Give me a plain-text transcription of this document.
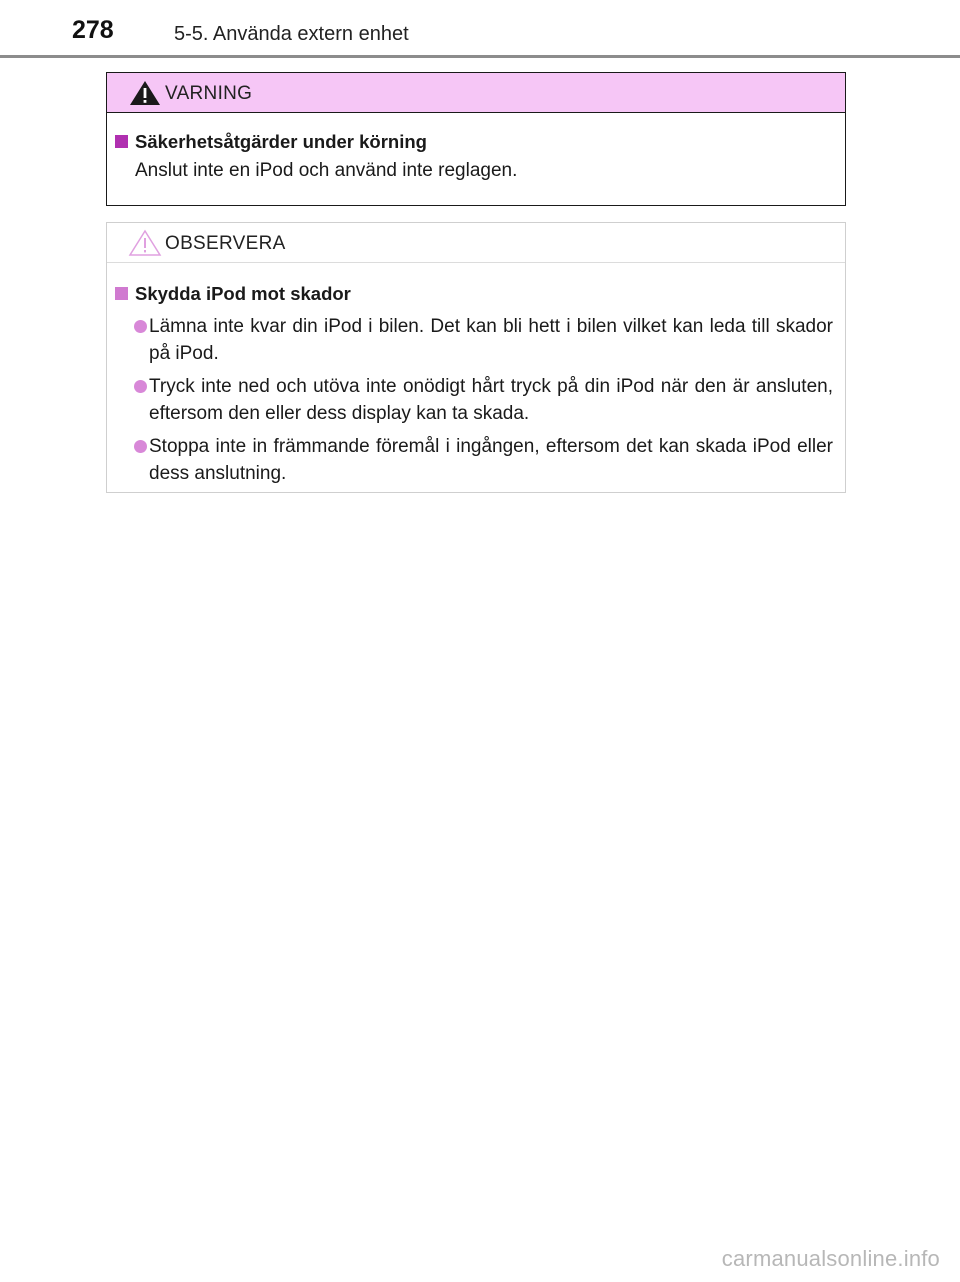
278	5-5. Använda extern enhet
VARNING
Säkerhetsåtgärder under körning
Anslut inte en iPod och använd inte reglagen.
OBSERVERA
Skydda iPod mot skador
Lämna inte kvar din iPod i bilen. Det kan bli hett i bilen vilket kan leda till skador på iPod.
Tryck inte ned och utöva inte onödigt hårt tryck på din iPod när den är ansluten, eftersom den eller dess display kan ta skada.
Stoppa inte in främmande föremål i ingången, eftersom det kan skada iPod eller dess anslutning.
carmanualsonline.info
